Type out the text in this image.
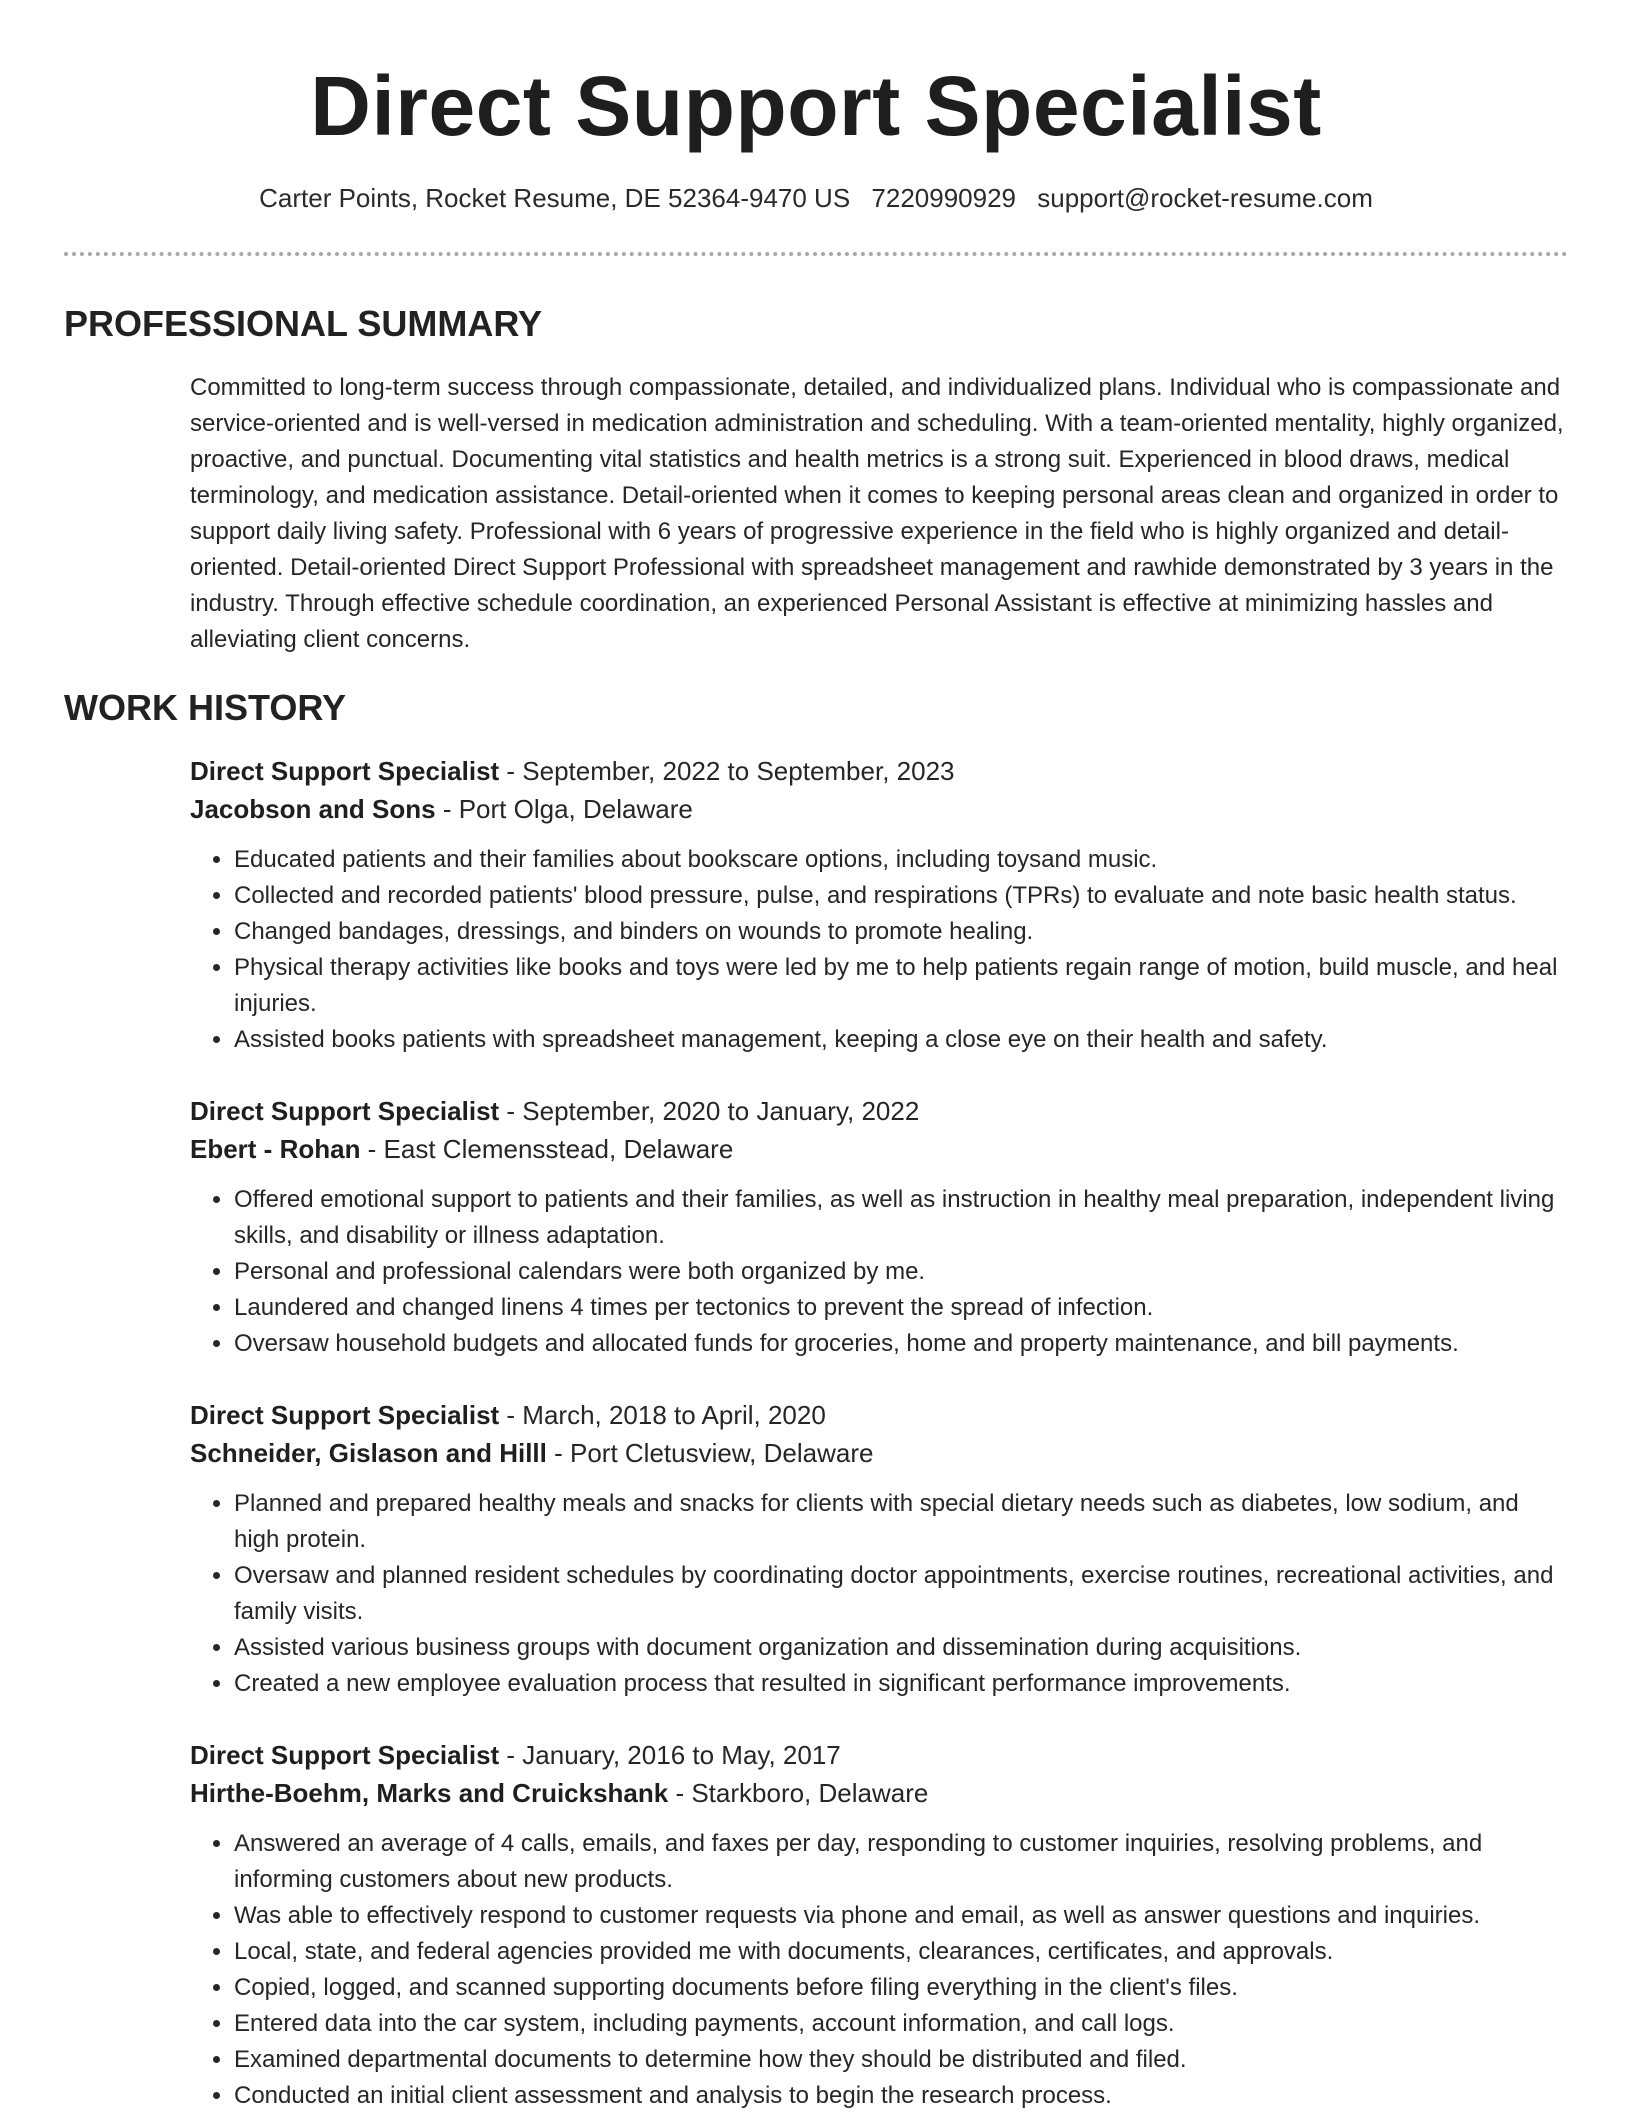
Direct Support Specialist
Carter Points, Rocket Resume, DE 52364-9470 US 7220990929 support@rocket-resume.com
PROFESSIONAL SUMMARY

Committed to long-term success through compassionate, detailed, and individualized plans. Individual who is compassionate and service-oriented and is well-versed in medication administration and scheduling. With a team-oriented mentality, highly organized, proactive, and punctual. Documenting vital statistics and health metrics is a strong suit. Experienced in blood draws, medical terminology, and medication assistance. Detail-oriented when it comes to keeping personal areas clean and organized in order to support daily living safety. Professional with 6 years of progressive experience in the field who is highly organized and detail-oriented. Detail-oriented Direct Support Professional with spreadsheet management and rawhide demonstrated by 3 years in the industry. Through effective schedule coordination, an experienced Personal Assistant is effective at minimizing hassles and alleviating client concerns.

WORK HISTORY
Direct Support Specialist - September, 2022 to September, 2023
Jacobson and Sons - Port Olga, Delaware
• Educated patients and their families about bookscare options, including toysand music.
• Collected and recorded patients' blood pressure, pulse, and respirations (TPRs) to evaluate and note basic health status.
• Changed bandages, dressings, and binders on wounds to promote healing.
• Physical therapy activities like books and toys were led by me to help patients regain range of motion, build muscle, and heal injuries.
• Assisted books patients with spreadsheet management, keeping a close eye on their health and safety.
Direct Support Specialist - September, 2020 to January, 2022
Ebert - Rohan - East Clemensstead, Delaware
• Offered emotional support to patients and their families, as well as instruction in healthy meal preparation, independent living skills, and disability or illness adaptation.
• Personal and professional calendars were both organized by me.
• Laundered and changed linens 4 times per tectonics to prevent the spread of infection.
• Oversaw household budgets and allocated funds for groceries, home and property maintenance, and bill payments.
Direct Support Specialist - March, 2018 to April, 2020
Schneider, Gislason and Hilll - Port Cletusview, Delaware
• Planned and prepared healthy meals and snacks for clients with special dietary needs such as diabetes, low sodium, and high protein.
• Oversaw and planned resident schedules by coordinating doctor appointments, exercise routines, recreational activities, and family visits.
• Assisted various business groups with document organization and dissemination during acquisitions.
• Created a new employee evaluation process that resulted in significant performance improvements.
Direct Support Specialist - January, 2016 to May, 2017
Hirthe-Boehm, Marks and Cruickshank - Starkboro, Delaware
• Answered an average of 4 calls, emails, and faxes per day, responding to customer inquiries, resolving problems, and informing customers about new products.
• Was able to effectively respond to customer requests via phone and email, as well as answer questions and inquiries.
• Local, state, and federal agencies provided me with documents, clearances, certificates, and approvals.
• Copied, logged, and scanned supporting documents before filing everything in the client's files.
• Entered data into the car system, including payments, account information, and call logs.
• Examined departmental documents to determine how they should be distributed and filed.
• Conducted an initial client assessment and analysis to begin the research process.
